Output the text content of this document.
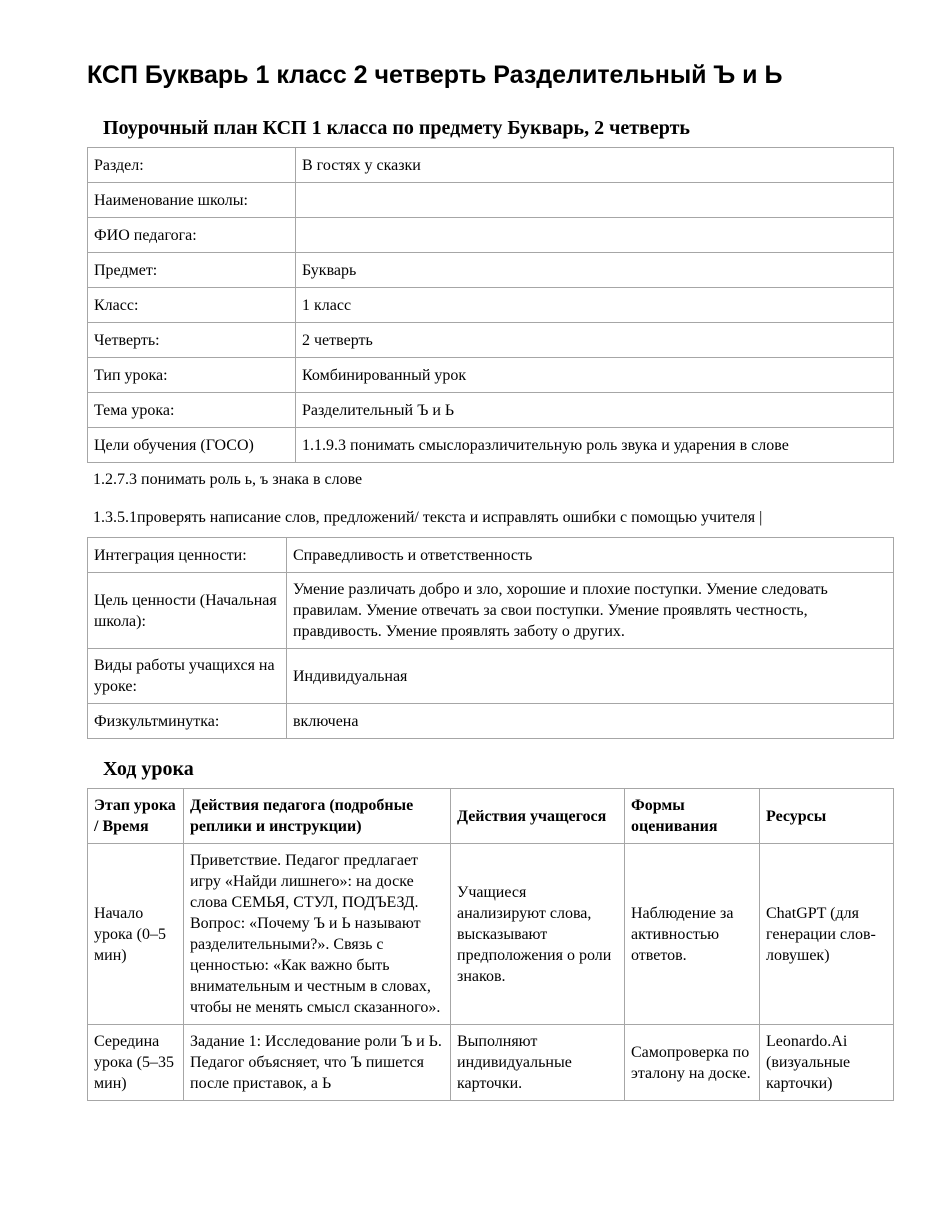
КСП Букварь 1 класс 2 четверть Разделительный Ъ и Ь
Поурочный план КСП 1 класса по предмету Букварь, 2 четверть
Раздел:	В гостях у сказки
Наименование школы:	
ФИО педагога:	
Предмет:	Букварь
Класс:	1 класс
Четверть:	2 четверть
Тип урока:	Комбинированный урок
Тема урока:	Разделительный Ъ и Ь
Цели обучения (ГОСО)	1.1.9.3 понимать смыслоразличительную роль звука и ударения в слове

1.2.7.3 понимать роль ь, ъ знака в слове

1.3.5.1проверять написание слов, предложений/ текста и исправлять ошибки с помощью учителя |

Интеграция ценности:	Справедливость и ответственность
Цель ценности (Начальная школа):	Умение различать добро и зло, хорошие и плохие поступки. Умение следовать правилам. Умение отвечать за свои поступки. Умение проявлять честность, правдивость. Умение проявлять заботу о других.
Виды работы учащихся на уроке:	Индивидуальная
Физкультминутка:	включена
Ход урока
Этап урока / Время	Действия педагога (подробные реплики и инструкции)	Действия учащегося	Формы оценивания	Ресурсы
Начало урока (0–5 мин)	Приветствие. Педагог предлагает игру «Найди лишнего»: на доске слова СЕМЬЯ, СТУЛ, ПОДЪЕЗД. Вопрос: «Почему Ъ и Ь называют разделительными?». Связь с ценностью: «Как важно быть внимательным и честным в словах, чтобы не менять смысл сказанного».	Учащиеся анализируют слова, высказывают предположения о роли знаков.	Наблюдение за активностью ответов.	ChatGPT (для генерации слов-ловушек)
Середина урока (5–35 мин)	Задание 1: Исследование роли Ъ и Ь. Педагог объясняет, что Ъ пишется после приставок, а Ь	Выполняют индивидуальные карточки.	Самопроверка по эталону на доске.	Leonardo.Ai (визуальные карточки)
